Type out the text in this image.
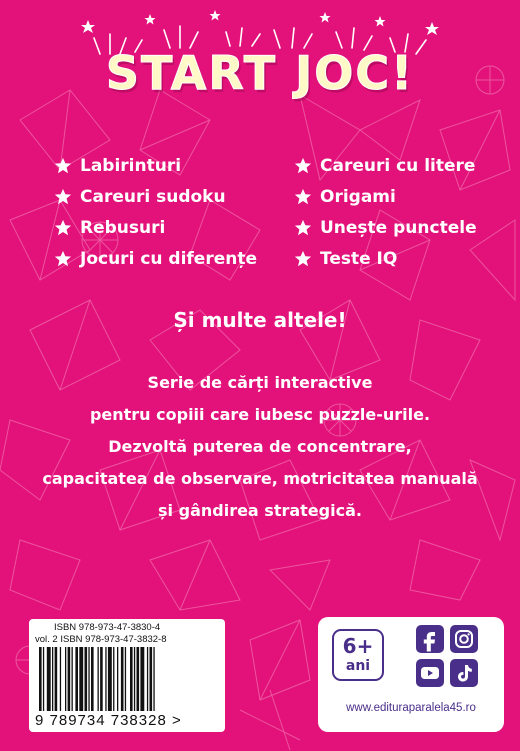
START JOC!
Labirinturi
Careuri sudoku
Rebusuri
Jocuri cu diferențe
Careuri cu litere
Origami
Unește punctele
Teste IQ
Și multe altele!
Serie de cărți interactive
pentru copiii care iubesc puzzle-urile.
Dezvoltă puterea de concentrare,
capacitatea de observare, motricitatea manuală
și gândirea strategică.
ISBN 978-973-47-3830-4
vol. 2 ISBN 978-973-47-3832-8
9 789734 738328 >
6+
ani
www.edituraparalela45.ro
